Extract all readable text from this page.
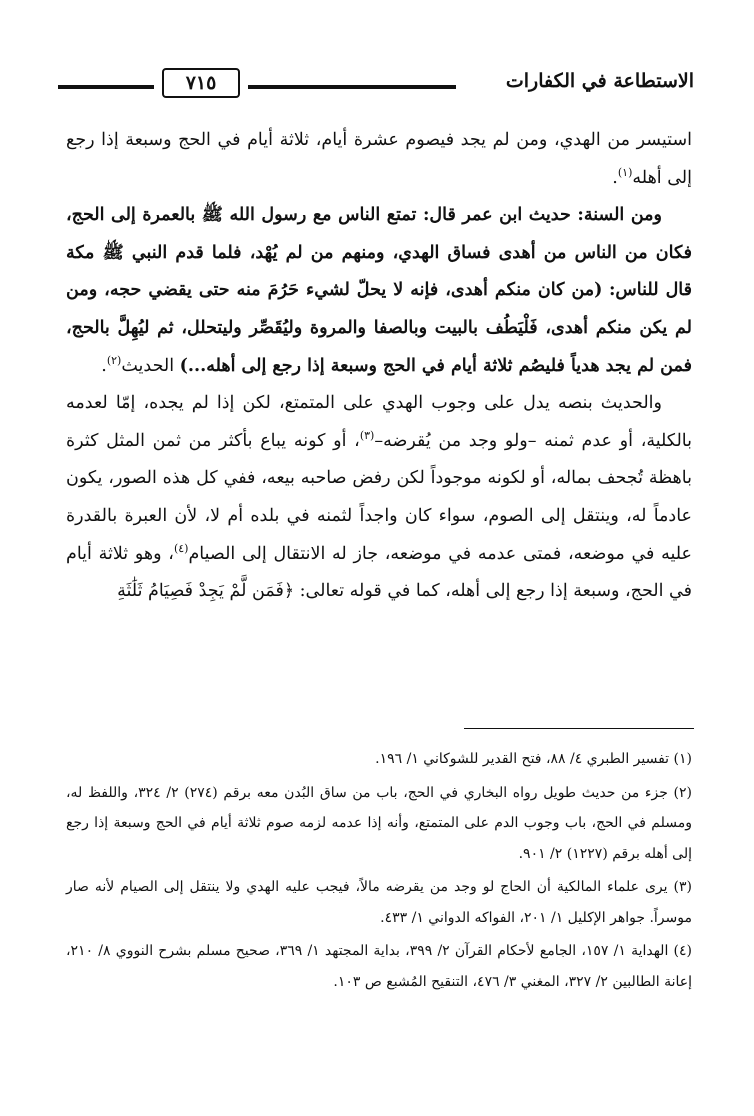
الاستطاعة في الكفارات
٧١٥

استيسر من الهدي، ومن لم يجد فيصوم عشرة أيام، ثلاثة أيام في الحج وسبعة إذا رجع إلى أهله$^{(١)}$.

ومن السنة: حديث ابن عمر قال: تمتع الناس مع رسول الله ﷺ بالعمرة إلى الحج، فكان من الناس من أهدى فساق الهدي، ومنهم من لم يُهْد، فلما قدم النبي ﷺ مكة قال للناس: (من كان منكم أهدى، فإنه لا يحلّ لشيء حَرُمَ منه حتى يقضي حجه، ومن لم يكن منكم أهدى، فَلْيَطُف بالبيت وبالصفا والمروة وليُقَصِّر وليتحلل، ثم ليُهِلَّ بالحج، فمن لم يجد هدياً فليصُم ثلاثة أيام في الحج وسبعة إذا رجع إلى أهله...) الحديث$^{(٢)}$.

والحديث بنصه يدل على وجوب الهدي على المتمتع، لكن إذا لم يجده، إمّا لعدمه بالكلية، أو عدم ثمنه –ولو وجد من يُقرضه–$^{(٣)}$، أو كونه يباع بأكثر من ثمن المثل كثرة باهظة تُجحف بماله، أو لكونه موجوداً لكن رفض صاحبه بيعه، ففي كل هذه الصور، يكون عادماً له، وينتقل إلى الصوم، سواء كان واجداً لثمنه في بلده أم لا، لأن العبرة بالقدرة عليه في موضعه، فمتى عدمه في موضعه، جاز له الانتقال إلى الصيام$^{(٤)}$، وهو ثلاثة أيام في الحج، وسبعة إذا رجع إلى أهله، كما في قوله تعالى: ﴿فَمَن لَّمْ يَجِدْ فَصِيَامُ ثَلَٰثَةِ

(١) تفسير الطبري ٤/ ٨٨، فتح القدير للشوكاني ١/ ١٩٦.

(٢) جزء من حديث طويل رواه البخاري في الحج، باب من ساق البُدن معه برقم (٢٧٤) ٢/ ٣٢٤، واللفظ له، ومسلم في الحج، باب وجوب الدم على المتمتع، وأنه إذا عدمه لزمه صوم ثلاثة أيام في الحج وسبعة إذا رجع إلى أهله برقم (١٢٢٧) ٢/ ٩٠١.

(٣) يرى علماء المالكية أن الحاج لو وجد من يقرضه مالاً، فيجب عليه الهدي ولا ينتقل إلى الصيام لأنه صار موسراً. جواهر الإكليل ١/ ٢٠١، الفواكه الدواني ١/ ٤٣٣.

(٤) الهداية ١/ ١٥٧، الجامع لأحكام القرآن ٢/ ٣٩٩، بداية المجتهد ١/ ٣٦٩، صحيح مسلم بشرح النووي ٨/ ٢١٠، إعانة الطالبين ٢/ ٣٢٧، المغني ٣/ ٤٧٦، التنقيح المُشبع ص ١٠٣.
